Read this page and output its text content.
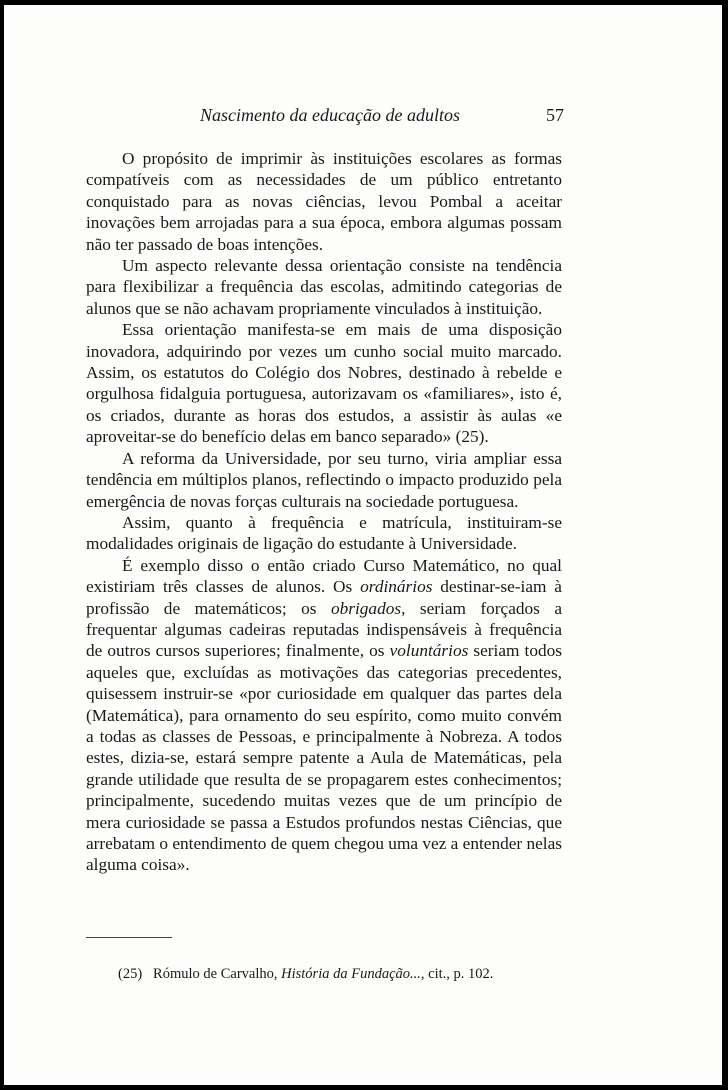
Nascimento da educação de adultos	57

O propósito de imprimir às instituições escolares as formas compatíveis com as necessidades de um público entretanto conquistado para as novas ciências, levou Pombal a aceitar inovações bem arrojadas para a sua época, embora algumas possam não ter passado de boas intenções.

Um aspecto relevante dessa orientação consiste na tendência para flexibilizar a frequência das escolas, admitindo categorias de alunos que se não achavam propriamente vinculados à instituição.

Essa orientação manifesta-se em mais de uma disposição inovadora, adquirindo por vezes um cunho social muito marcado. Assim, os estatutos do Colégio dos Nobres, destinado à rebelde e orgulhosa fidalguia portuguesa, autorizavam os «familiares», isto é, os criados, durante as horas dos estudos, a assistir às aulas «e aproveitar-se do benefício delas em banco separado» (25).

A reforma da Universidade, por seu turno, viria ampliar essa tendência em múltiplos planos, reflectindo o impacto produzido pela emergência de novas forças culturais na sociedade portuguesa.

Assim, quanto à frequência e matrícula, instituiram-se modalidades originais de ligação do estudante à Universidade.

É exemplo disso o então criado Curso Matemático, no qual existiriam três classes de alunos. Os ordinários destinar-se-iam à profissão de matemáticos; os obrigados, seriam forçados a frequentar algumas cadeiras reputadas indispensáveis à frequência de outros cursos superiores; finalmente, os voluntários seriam todos aqueles que, excluídas as motivações das categorias precedentes, quisessem instruir-se «por curiosidade em qualquer das partes dela (Matemática), para ornamento do seu espírito, como muito convém a todas as classes de Pessoas, e principalmente à Nobreza. A todos estes, dizia-se, estará sempre patente a Aula de Matemáticas, pela grande utilidade que resulta de se propagarem estes conhecimentos; principalmente, sucedendo muitas vezes que de um princípio de mera curiosidade se passa a Estudos profundos nestas Ciências, que arrebatam o entendimento de quem chegou uma vez a entender nelas alguma coisa».

(25) Rómulo de Carvalho, História da Fundação..., cit., p. 102.
